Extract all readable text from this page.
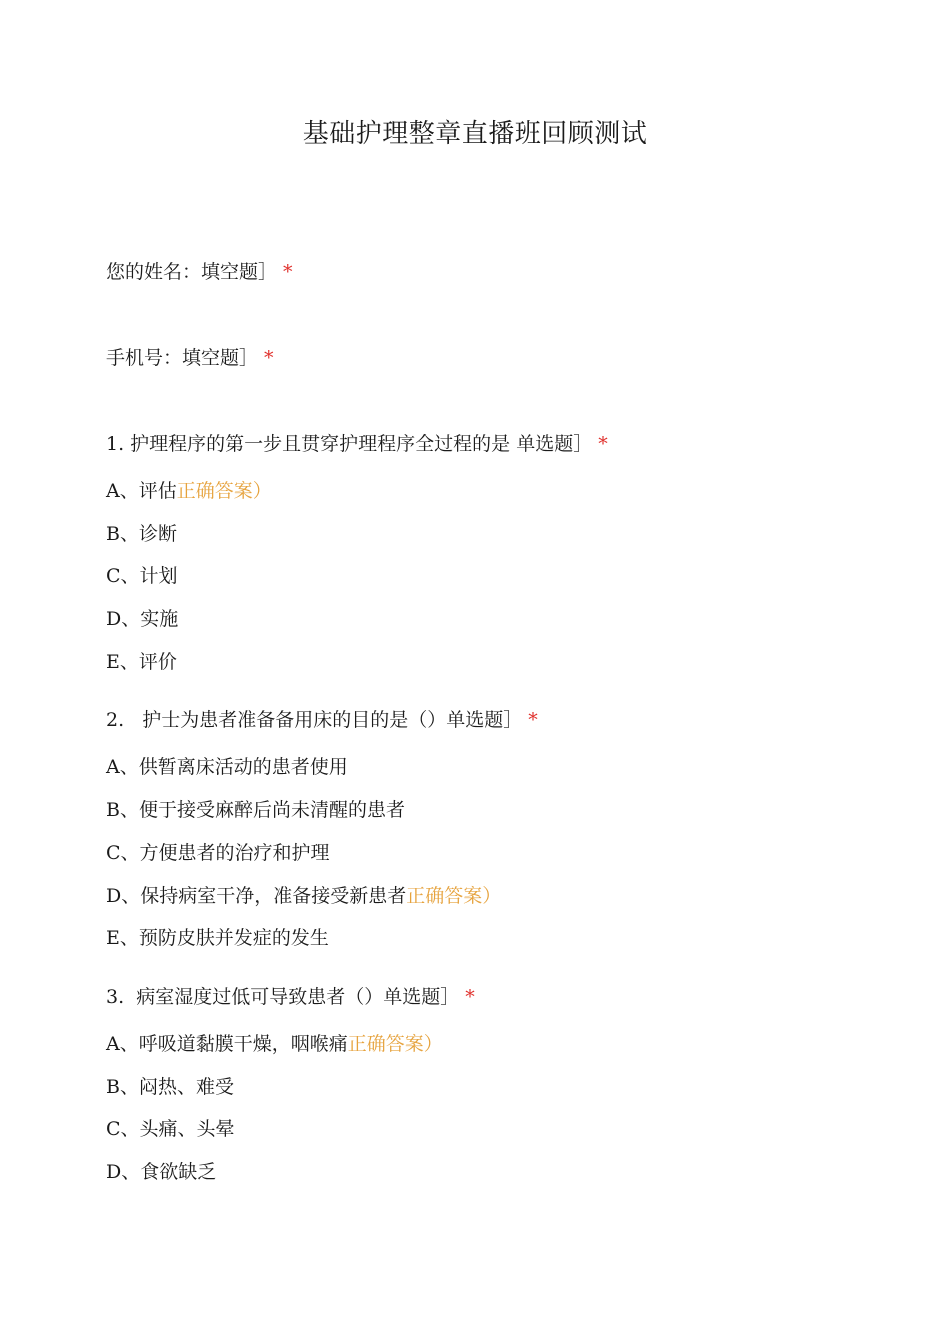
基础护理整章直播班回顾测试
您的姓名：填空题］ *
手机号：填空题］ *
1. 护理程序的第一步且贯穿护理程序全过程的是 单选题］ *
A、评估正确答案）
B、诊断
C、计划
D、实施
E、评价
2.   护士为患者准备备用床的目的是（）单选题］ *
A、供暂离床活动的患者使用
B、便于接受麻醉后尚未清醒的患者
C、方便患者的治疗和护理
D、保持病室干净，准备接受新患者正确答案）
E、预防皮肤并发症的发生
3.  病室湿度过低可导致患者（）单选题］ *
A、呼吸道黏膜干燥，咽喉痛正确答案）
B、闷热、难受
C、头痛、头晕
D、食欲缺乏
